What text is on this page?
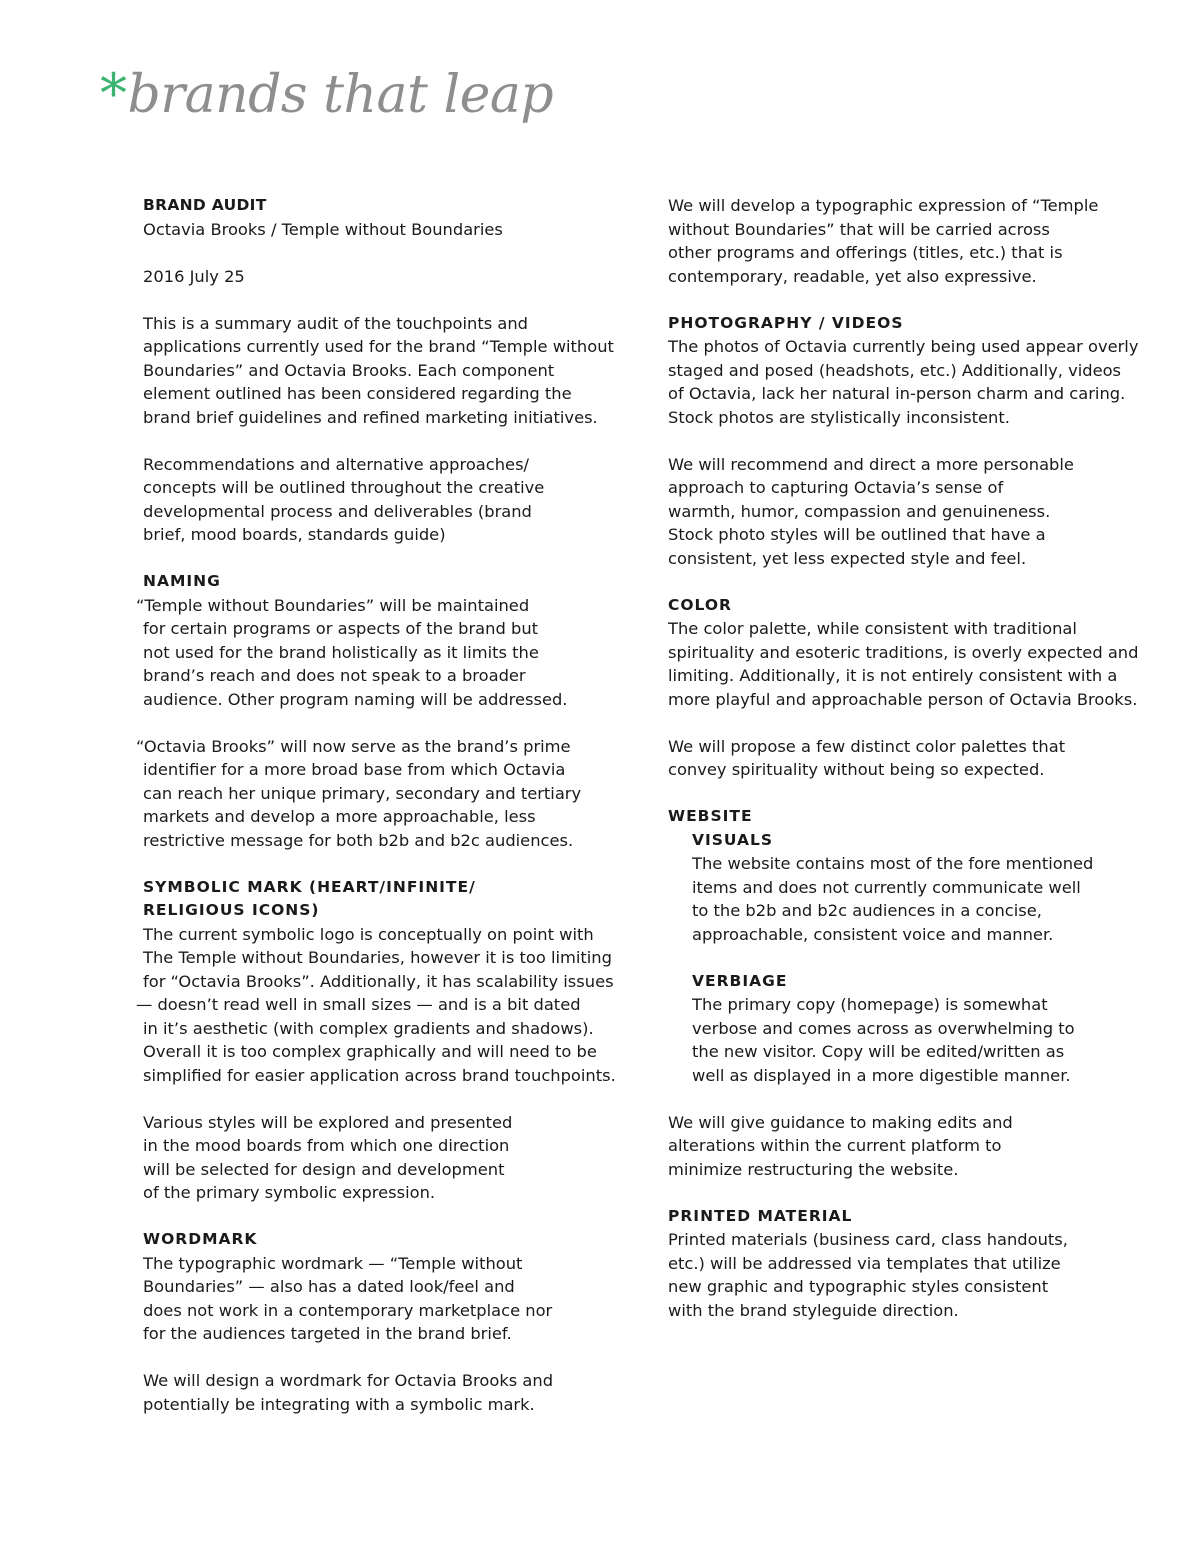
*brands that leap
BRAND AUDIT
Octavia Brooks / Temple without Boundaries
2016 July 25
This is a summary audit of the touchpoints and
applications currently used for the brand “Temple without
Boundaries” and Octavia Brooks. Each component
element outlined has been considered regarding the
brand brief guidelines and refined marketing initiatives.
Recommendations and alternative approaches/
concepts will be outlined throughout the creative
developmental process and deliverables (brand
brief, mood boards, standards guide)
NAMING
“Temple without Boundaries” will be maintained
for certain programs or aspects of the brand but
not used for the brand holistically as it limits the
brand’s reach and does not speak to a broader
audience. Other program naming will be addressed.
“Octavia Brooks” will now serve as the brand’s prime
identifier for a more broad base from which Octavia
can reach her unique primary, secondary and tertiary
markets and develop a more approachable, less
restrictive message for both b2b and b2c audiences.
SYMBOLIC MARK (HEART/INFINITE/
RELIGIOUS ICONS)
The current symbolic logo is conceptually on point with
The Temple without Boundaries, however it is too limiting
for “Octavia Brooks”. Additionally, it has scalability issues
— doesn’t read well in small sizes — and is a bit dated
in it’s aesthetic (with complex gradients and shadows).
Overall it is too complex graphically and will need to be
simplified for easier application across brand touchpoints.
Various styles will be explored and presented
in the mood boards from which one direction
will be selected for design and development
of the primary symbolic expression.
WORDMARK
The typographic wordmark — “Temple without
Boundaries” — also has a dated look/feel and
does not work in a contemporary marketplace nor
for the audiences targeted in the brand brief.
We will design a wordmark for Octavia Brooks and
potentially be integrating with a symbolic mark.
We will develop a typographic expression of “Temple
without Boundaries” that will be carried across
other programs and offerings (titles, etc.) that is
contemporary, readable, yet also expressive.
PHOTOGRAPHY / VIDEOS
The photos of Octavia currently being used appear overly
staged and posed (headshots, etc.) Additionally, videos
of Octavia, lack her natural in-person charm and caring.
Stock photos are stylistically inconsistent.
We will recommend and direct a more personable
approach to capturing Octavia’s sense of
warmth, humor, compassion and genuineness.
Stock photo styles will be outlined that have a
consistent, yet less expected style and feel.
COLOR
The color palette, while consistent with traditional
spirituality and esoteric traditions, is overly expected and
limiting. Additionally, it is not entirely consistent with a
more playful and approachable person of Octavia Brooks.
We will propose a few distinct color palettes that
convey spirituality without being so expected.
WEBSITE
VISUALS
The website contains most of the fore mentioned
items and does not currently communicate well
to the b2b and b2c audiences in a concise,
approachable, consistent voice and manner.
VERBIAGE
The primary copy (homepage) is somewhat
verbose and comes across as overwhelming to
the new visitor. Copy will be edited/written as
well as displayed in a more digestible manner.
We will give guidance to making edits and
alterations within the current platform to
minimize restructuring the website.
PRINTED MATERIAL
Printed materials (business card, class handouts,
etc.) will be addressed via templates that utilize
new graphic and typographic styles consistent
with the brand styleguide direction.
